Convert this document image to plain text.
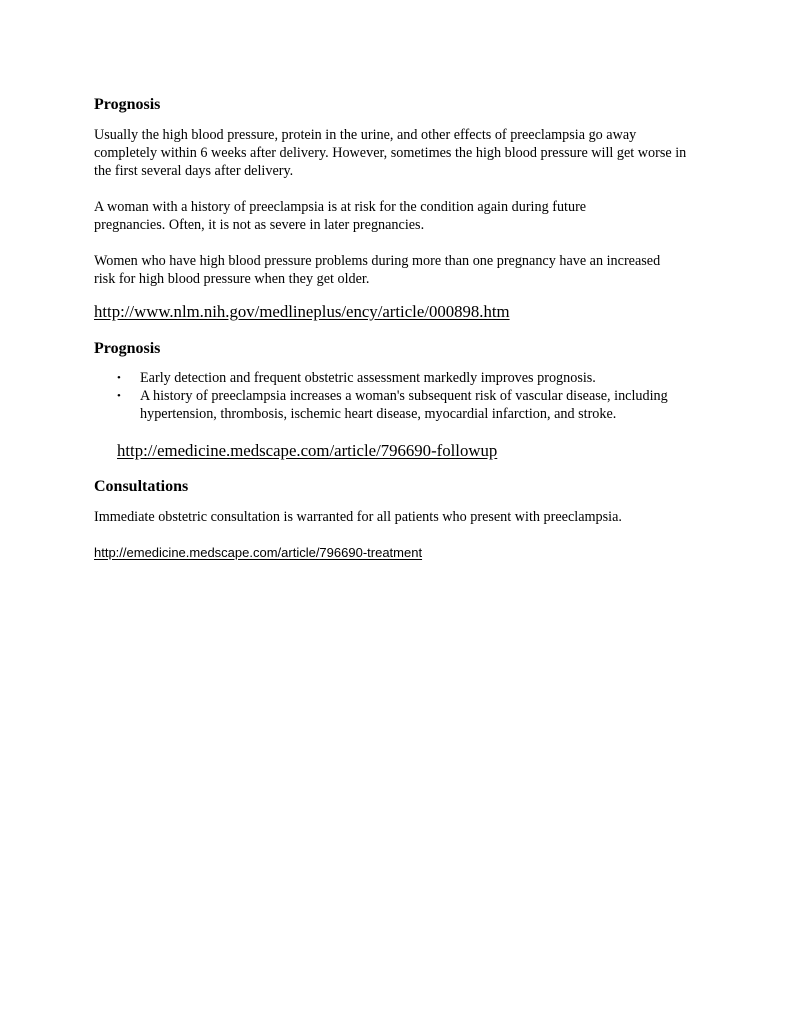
Prognosis

Usually the high blood pressure, protein in the urine, and other effects of preeclampsia go away completely within 6 weeks after delivery. However, sometimes the high blood pressure will get worse in the first several days after delivery.

A woman with a history of preeclampsia is at risk for the condition again during future pregnancies. Often, it is not as severe in later pregnancies.

Women who have high blood pressure problems during more than one pregnancy have an increased risk for high blood pressure when they get older.

http://www.nlm.nih.gov/medlineplus/ency/article/000898.htm
Prognosis
• Early detection and frequent obstetric assessment markedly improves prognosis.
• A history of preeclampsia increases a woman's subsequent risk of vascular disease, including hypertension, thrombosis, ischemic heart disease, myocardial infarction, and stroke.
http://emedicine.medscape.com/article/796690-followup
Consultations

Immediate obstetric consultation is warranted for all patients who present with preeclampsia.

http://emedicine.medscape.com/article/796690-treatment
